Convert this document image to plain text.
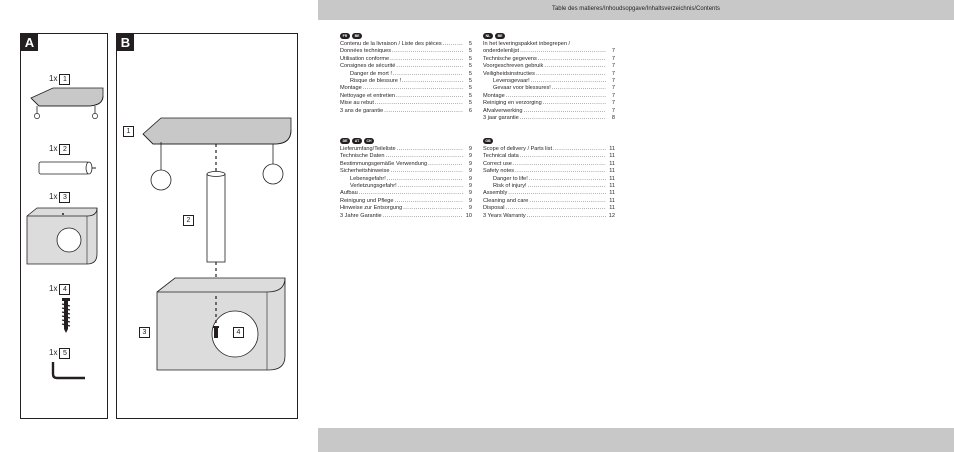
A
1x 1
1x 2
1x 3
1x 4
1x 5
B
1
2
3	4
Table des matieres/Inhoudsopgave/Inhaltsverzeichnis/Contents
FR	BE
Contenu de la livraison / Liste des pièces .....	5
Données techniques .....	5
Utilisation conforme .....	5
Consignes de sécurité .....	5
Danger de mort ! .....	5
Risque de blessure ! .....	5
Montage .....	5
Nettoyage et entretien .....	5
Mise au rebut .....	5
3 ans de garantie .....	6
NL	BE
In het leveringspakket inbegrepen /
onderdelenlijst .....	7
Technische gegevens .....	7
Voorgeschreven gebruik .....	7
Veiligheidsinstructies .....	7
Levensgevaar! .....	7
Gevaar voor blessures! .....	7
Montage .....	7
Reiniging en verzorging .....	7
Afvalverwerking .....	7
3 jaar garantie .....	8
DE	AT	CH
Lieferumfang/Teileliste .....	9
Technische Daten .....	9
Bestimmungsgemäße Verwendung .....	9
Sicherheitshinweise .....	9
Lebensgefahr! .....	9
Verletzungsgefahr! .....	9
Aufbau .....	9
Reinigung und Pflege .....	9
Hinweise zur Entsorgung .....	9
3 Jahre Garantie .....	10
GB
Scope of delivery / Parts list .....	11
Technical data .....	11
Correct use .....	11
Safety notes .....	11
Danger to life! .....	11
Risk of injury! .....	11
Assembly .....	11
Cleaning and care .....	11
Disposal .....	11
3 Years Warranty .....	12
